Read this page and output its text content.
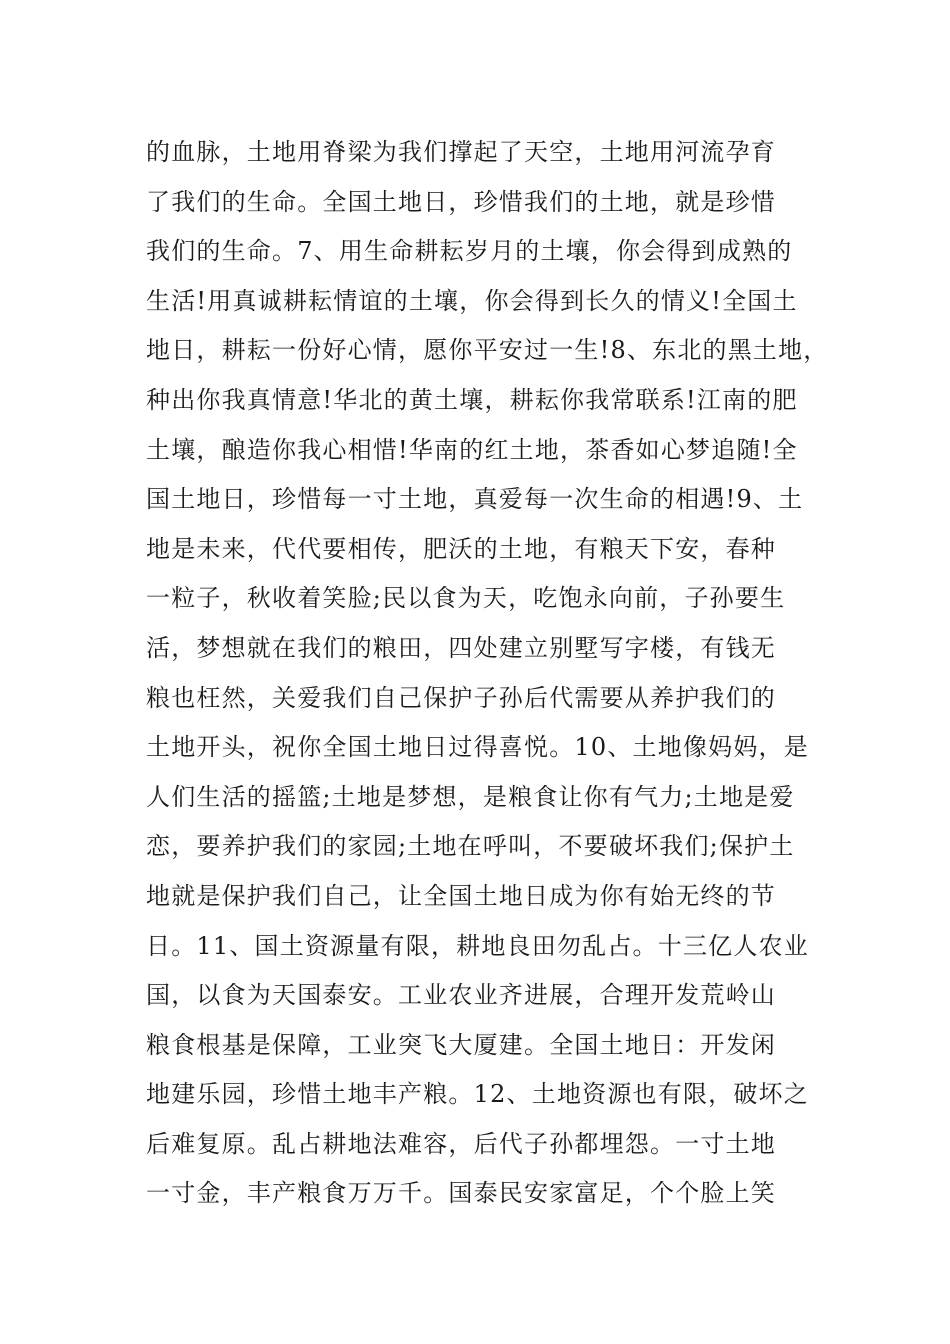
的血脉，土地用脊梁为我们撑起了天空，土地用河流孕育
了我们的生命。全国土地日，珍惜我们的土地，就是珍惜
我们的生命。7、用生命耕耘岁月的土壤，你会得到成熟的
生活!用真诚耕耘情谊的土壤，你会得到长久的情义!全国土
地日，耕耘一份好心情，愿你平安过一生!8、东北的黑土地，
种出你我真情意!华北的黄土壤，耕耘你我常联系!江南的肥
土壤，酿造你我心相惜!华南的红土地，茶香如心梦追随!全
国土地日，珍惜每一寸土地，真爱每一次生命的相遇!9、土
地是未来，代代要相传，肥沃的土地，有粮天下安，春种
一粒子，秋收着笑脸;民以食为天，吃饱永向前，子孙要生
活，梦想就在我们的粮田，四处建立别墅写字楼，有钱无
粮也枉然，关爱我们自己保护子孙后代需要从养护我们的
土地开头，祝你全国土地日过得喜悦。10、土地像妈妈，是
人们生活的摇篮;土地是梦想，是粮食让你有气力;土地是爱
恋，要养护我们的家园;土地在呼叫，不要破坏我们;保护土
地就是保护我们自己，让全国土地日成为你有始无终的节
日。11、国土资源量有限，耕地良田勿乱占。十三亿人农业
国，以食为天国泰安。工业农业齐进展，合理开发荒岭山
粮食根基是保障，工业突飞大厦建。全国土地日：开发闲
地建乐园，珍惜土地丰产粮。12、土地资源也有限，破坏之
后难复原。乱占耕地法难容，后代子孙都埋怨。一寸土地
一寸金，丰产粮食万万千。国泰民安家富足，个个脸上笑
